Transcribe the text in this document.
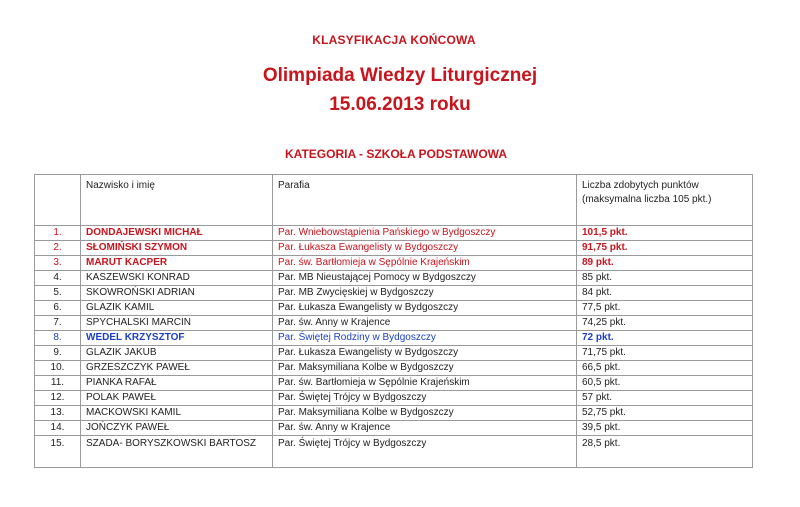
KLASYFIKACJA KOŃCOWA
Olimpiada Wiedzy Liturgicznej
15.06.2013 roku
KATEGORIA - SZKOŁA PODSTAWOWA
	Nazwisko i imię	Parafia	Liczba zdobytych punktów
(maksymalna liczba 105 pkt.)

1.	DONDAJEWSKI MICHAŁ	Par. Wniebowstąpienia Pańskiego w Bydgoszczy	101,5 pkt.
2.	SŁOMIŃSKI SZYMON	Par. Łukasza Ewangelisty w Bydgoszczy	91,75 pkt.
3.	MARUT KACPER	Par. św. Bartłomieja w Sępólnie Krajeńskim	89 pkt.
4.	KASZEWSKI KONRAD	Par. MB Nieustającej Pomocy w Bydgoszczy	85 pkt.
5.	SKOWROŃSKI ADRIAN	Par. MB Zwycięskiej w Bydgoszczy	84 pkt.
6.	GLAZIK KAMIL	Par. Łukasza Ewangelisty w Bydgoszczy	77,5 pkt.
7.	SPYCHALSKI MARCIN	Par. św. Anny w Krajence	74,25 pkt.
8.	WEDEL KRZYSZTOF	Par. Świętej Rodziny w Bydgoszczy	72 pkt.
9.	GLAZIK JAKUB	Par. Łukasza Ewangelisty w Bydgoszczy	71,75 pkt.
10.	GRZESZCZYK PAWEŁ	Par. Maksymiliana Kolbe w Bydgoszczy	66,5 pkt.
11.	PIANKA RAFAŁ	Par. św. Bartłomieja w Sępólnie Krajeńskim	60,5 pkt.
12.	POLAK PAWEŁ	Par. Świętej Trójcy w Bydgoszczy	57 pkt.
13.	MACKOWSKI KAMIL	Par. Maksymiliana Kolbe w Bydgoszczy	52,75 pkt.
14.	JOŃCZYK PAWEŁ	Par. św. Anny w Krajence	39,5 pkt.
15.	SZADA- BORYSZKOWSKI BARTOSZ	Par. Świętej Trójcy w Bydgoszczy	28,5 pkt.
